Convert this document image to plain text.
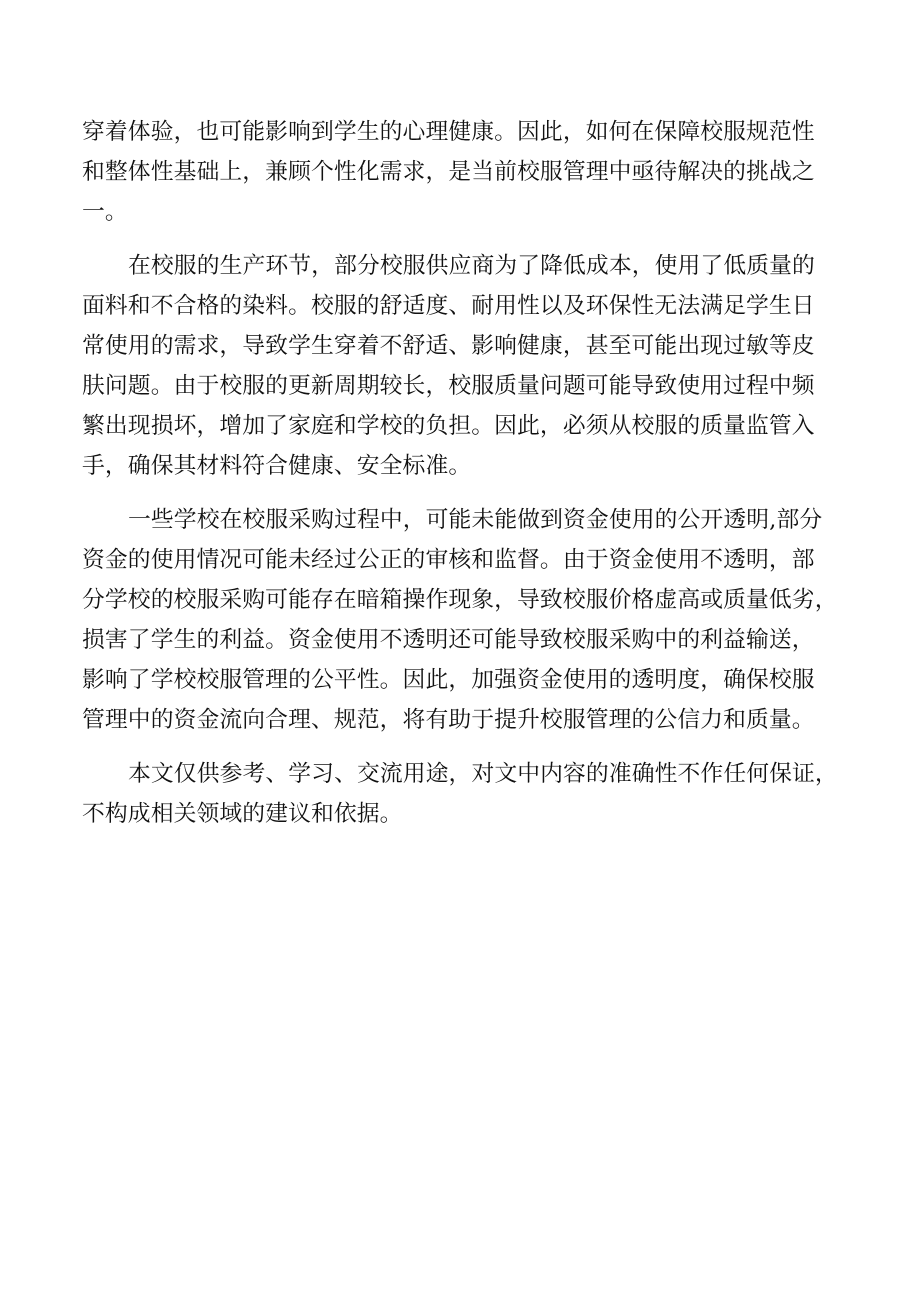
穿着体验，也可能影响到学生的心理健康。因此，如何在保障校服规范性
和整体性基础上，兼顾个性化需求，是当前校服管理中亟待解决的挑战之
一。

在校服的生产环节，部分校服供应商为了降低成本，使用了低质量的
面料和不合格的染料。校服的舒适度、耐用性以及环保性无法满足学生日
常使用的需求，导致学生穿着不舒适、影响健康，甚至可能出现过敏等皮
肤问题。由于校服的更新周期较长，校服质量问题可能导致使用过程中频
繁出现损坏，增加了家庭和学校的负担。因此，必须从校服的质量监管入
手，确保其材料符合健康、安全标准。

一些学校在校服采购过程中，可能未能做到资金使用的公开透明,部分
资金的使用情况可能未经过公正的审核和监督。由于资金使用不透明，部
分学校的校服采购可能存在暗箱操作现象，导致校服价格虚高或质量低劣，
损害了学生的利益。资金使用不透明还可能导致校服采购中的利益输送，
影响了学校校服管理的公平性。因此，加强资金使用的透明度，确保校服
管理中的资金流向合理、规范，将有助于提升校服管理的公信力和质量。

本文仅供参考、学习、交流用途，对文中内容的准确性不作任何保证，
不构成相关领域的建议和依据。
